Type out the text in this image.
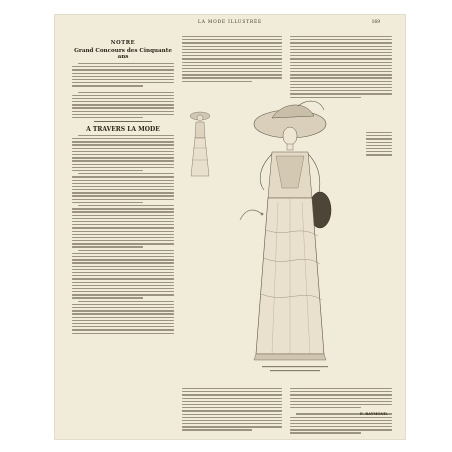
LA MODE ILLUSTRÉE	169
NOTRE
Grand Concours des Cinquante ans
A TRAVERS LA MODE
E. RAYMOND.
